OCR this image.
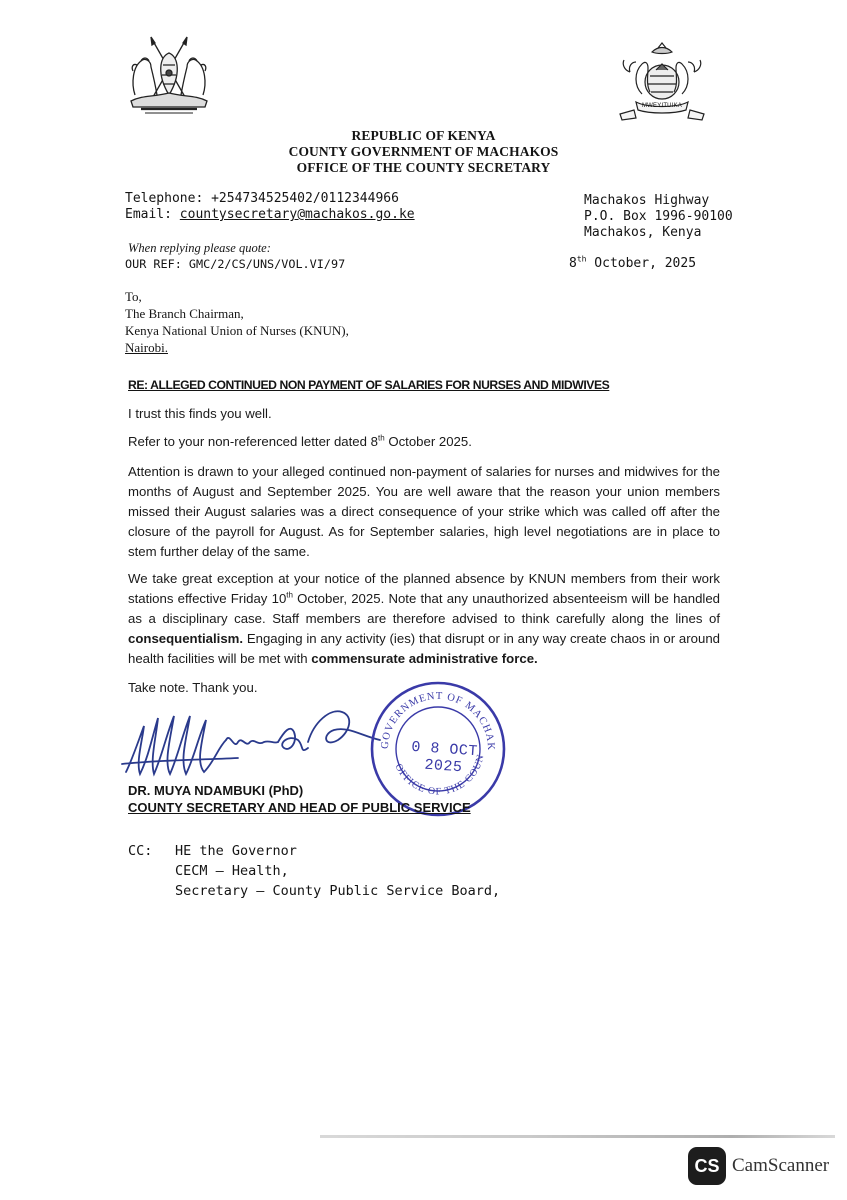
MWEYITUIKA
REPUBLIC OF KENYA
COUNTY GOVERNMENT OF MACHAKOS
OFFICE OF THE COUNTY SECRETARY
Telephone: +254734525402/0112344966
Email: countysecretary@machakos.go.ke
Machakos Highway
P.O. Box 1996-90100
Machakos, Kenya
When replying please quote:
OUR REF: GMC/2/CS/UNS/VOL.VI/97	8th October, 2025
To,
The Branch Chairman,
Kenya National Union of Nurses (KNUN),
Nairobi.
RE: ALLEGED CONTINUED NON PAYMENT OF SALARIES FOR NURSES AND MIDWIVES
I trust this finds you well.
Refer to your non-referenced letter dated 8th October 2025.
Attention is drawn to your alleged continued non-payment of salaries for nurses and midwives for the months of August and September 2025. You are well aware that the reason your union members missed their August salaries was a direct consequence of your strike which was called off after the closure of the payroll for August. As for September salaries, high level negotiations are in place to stem further delay of the same.
We take great exception at your notice of the planned absence by KNUN members from their work stations effective Friday 10th October, 2025. Note that any unauthorized absenteeism will be handled as a disciplinary case. Staff members are therefore advised to think carefully along the lines of consequentialism. Engaging in any activity (ies) that disrupt or in any way create chaos in or around health facilities will be met with commensurate administrative force.
Take note. Thank you.
GOVERNMENT OF MACHAK
OFFICE OF THE COUN
0 8 OCT 2025
DR. MUYA NDAMBUKI (PhD)
COUNTY SECRETARY AND HEAD OF PUBLIC SERVICE
CC: HE the Governor
CECM – Health,
Secretary – County Public Service Board,
CS CamScanner
